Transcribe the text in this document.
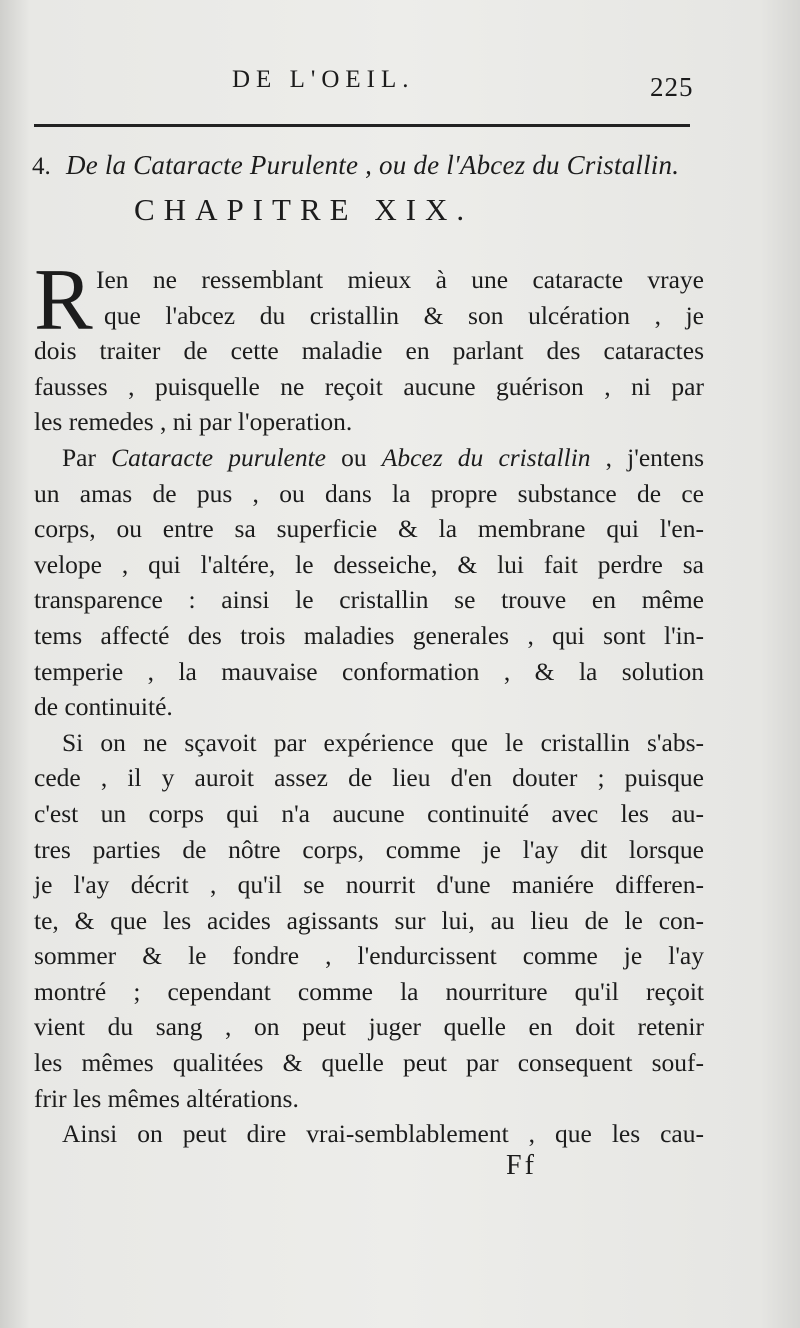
DE L'OEIL.	225
4. De la Cataracte Purulente , ou de l'Abcez du Cristallin.
CHAPITRE XIX.
R Ien ne ressemblant mieux à une cataracte vraye
que l'abcez du cristallin & son ulcération , je
dois traiter de cette maladie en parlant des cataractes
fausses , puisquelle ne reçoit aucune guérison , ni par
les remedes , ni par l'operation.
Par Cataracte purulente ou Abcez du cristallin , j'entens
un amas de pus , ou dans la propre substance de ce
corps, ou entre sa superficie & la membrane qui l'en-
velope , qui l'altére, le desseiche, & lui fait perdre sa
transparence : ainsi le cristallin se trouve en même
tems affecté des trois maladies generales , qui sont l'in-
temperie , la mauvaise conformation , & la solution
de continuité.
Si on ne sçavoit par expérience que le cristallin s'abs-
cede , il y auroit assez de lieu d'en douter ; puisque
c'est un corps qui n'a aucune continuité avec les au-
tres parties de nôtre corps, comme je l'ay dit lorsque
je l'ay décrit , qu'il se nourrit d'une maniére differen-
te, & que les acides agissants sur lui, au lieu de le con-
sommer & le fondre , l'endurcissent comme je l'ay
montré ; cependant comme la nourriture qu'il reçoit
vient du sang , on peut juger quelle en doit retenir
les mêmes qualitées & quelle peut par consequent souf-
frir les mêmes altérations.
Ainsi on peut dire vrai-semblablement , que les cau-
Ff
